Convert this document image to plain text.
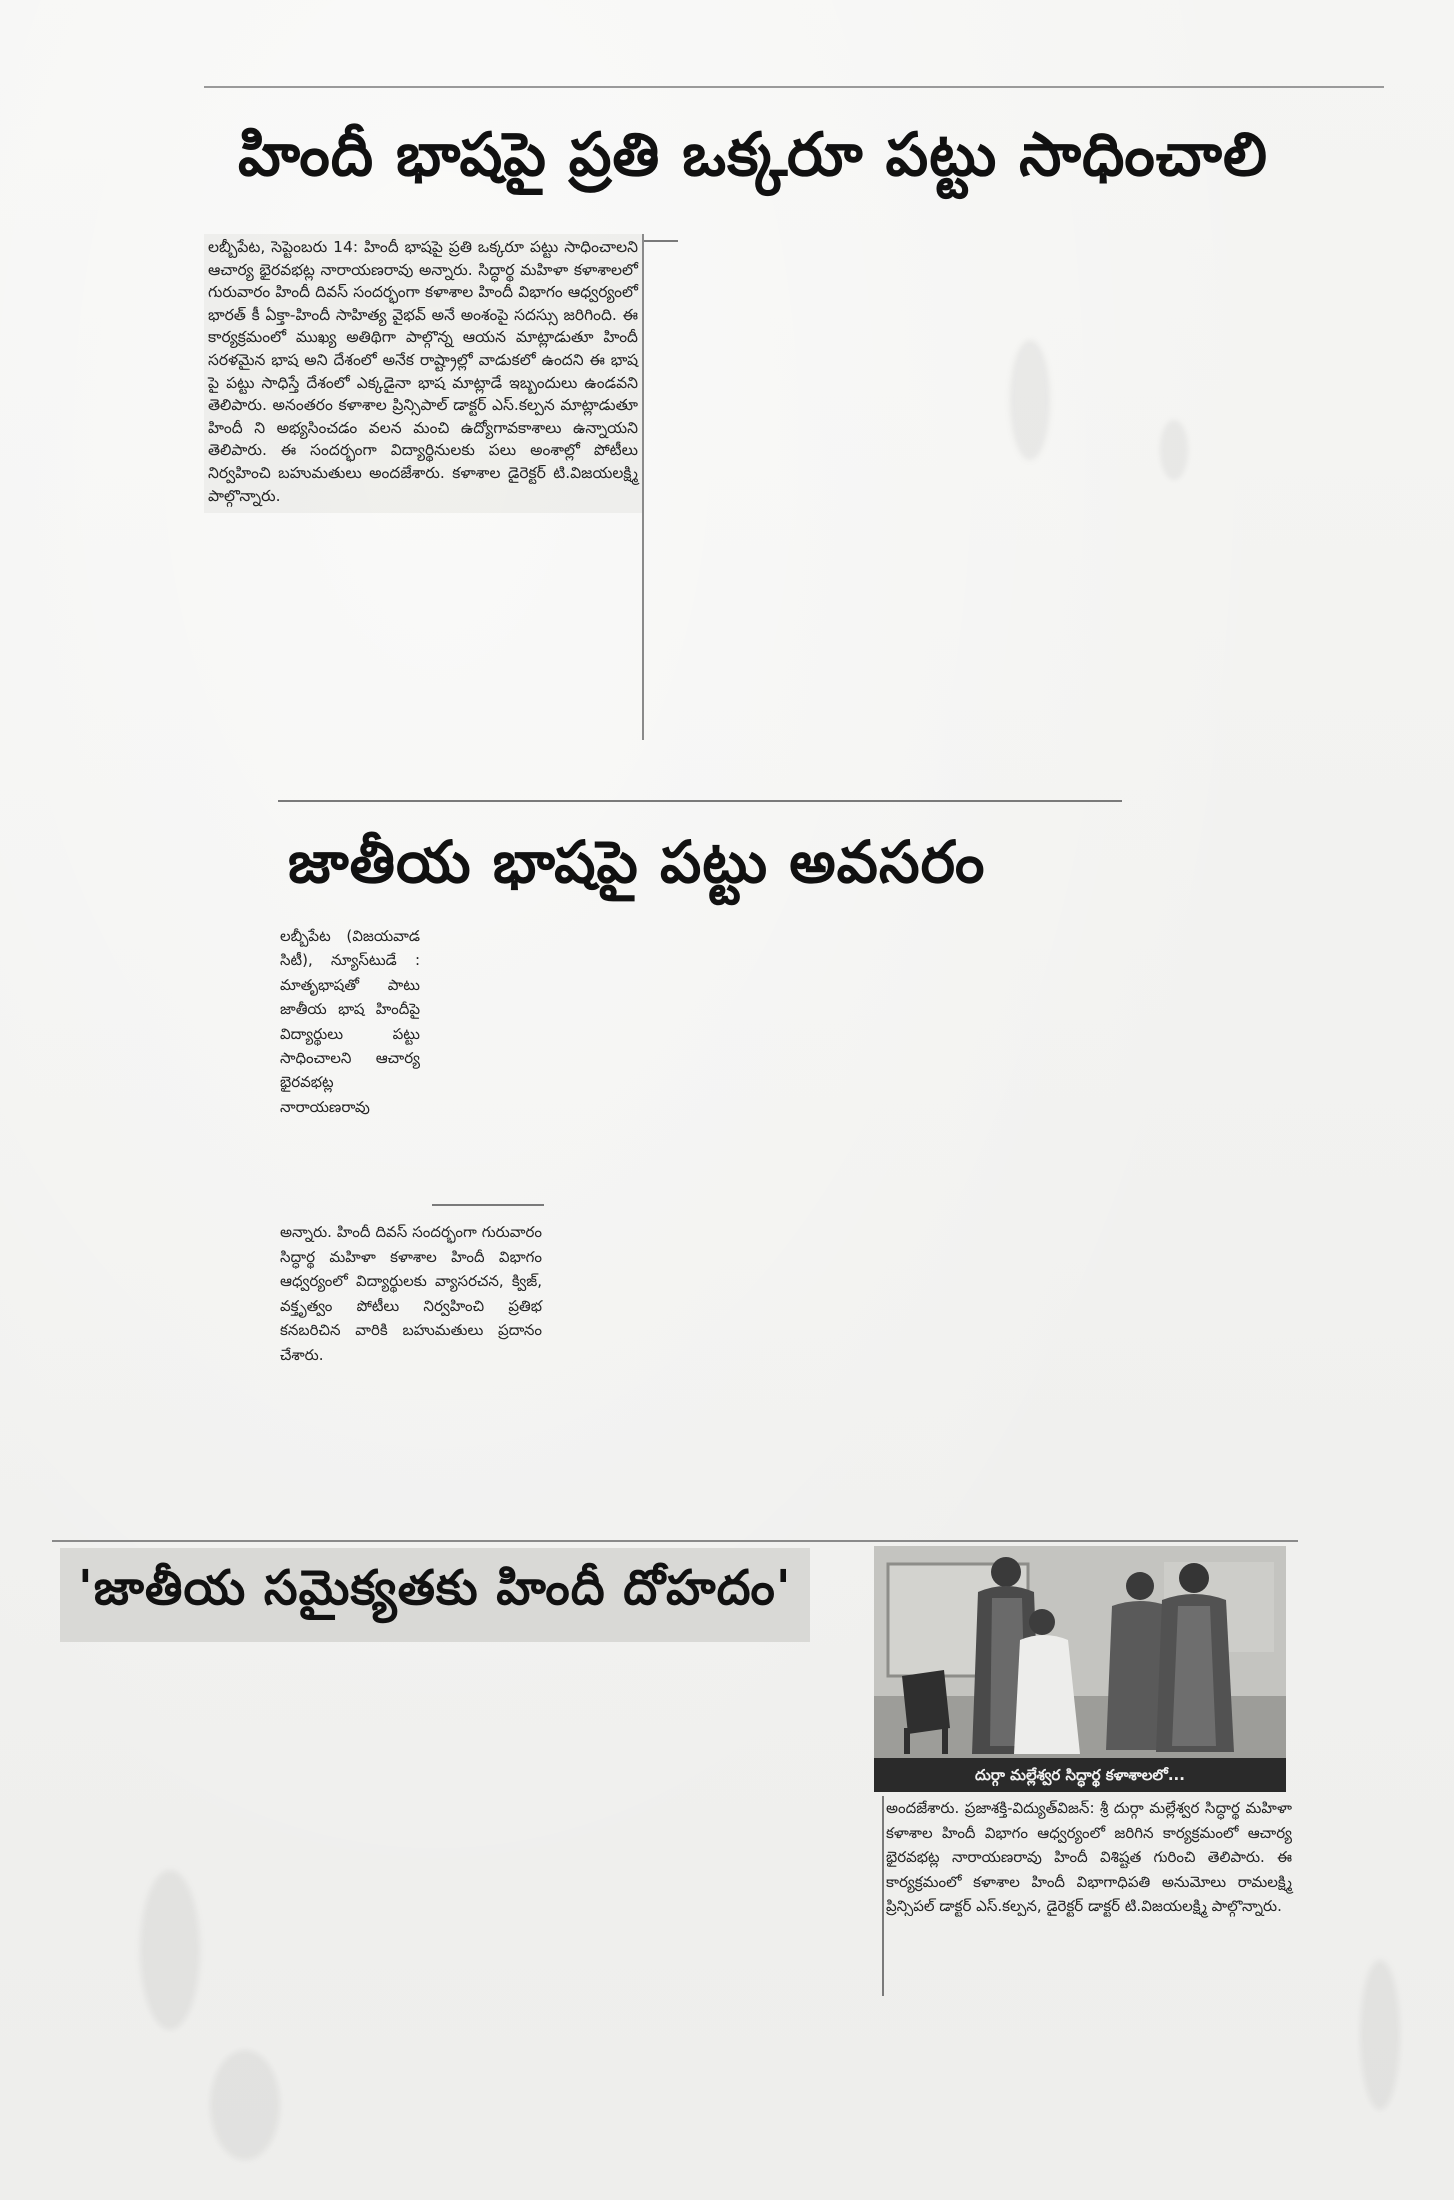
హిందీ భాషపై ప్రతి ఒక్కరూ పట్టు సాధించాలి

లబ్బీపేట, సెప్టెంబరు 14: హిందీ భాషపై ప్రతి ఒక్కరూ పట్టు సాధించాలని ఆచార్య భైరవభట్ల నారాయణరావు అన్నారు. సిద్ధార్థ మహిళా కళాశాలలో గురువారం హిందీ దివస్ సందర్భంగా కళాశాల హిందీ విభాగం ఆధ్వర్యంలో భారత్ కీ ఏక్తా-హిందీ సాహిత్య వైభవ్ అనే అంశంపై సదస్సు జరిగింది. ఈ కార్యక్రమంలో ముఖ్య అతిథిగా పాల్గొన్న ఆయన మాట్లాడుతూ హిందీ సరళమైన భాష అని దేశంలో అనేక రాష్ట్రాల్లో వాడుకలో ఉందని ఈ భాష పై పట్టు సాధిస్తే దేశంలో ఎక్కడైనా భాష మాట్లాడే ఇబ్బందులు ఉండవని తెలిపారు. అనంతరం కళాశాల ప్రిన్సిపాల్ డాక్టర్ ఎస్.కల్పన మాట్లాడుతూ హిందీ ని అభ్యసించడం వలన మంచి ఉద్యోగావకాశాలు ఉన్నాయని తెలిపారు. ఈ సందర్భంగా విద్యార్థినులకు పలు అంశాల్లో పోటీలు నిర్వహించి బహుమతులు అందజేశారు. కళాశాల డైరెక్టర్ టి.విజయలక్ష్మి పాల్గొన్నారు.

జాతీయ భాషపై పట్టు అవసరం

లబ్బీపేట (విజయవాడ సిటీ), న్యూస్‌టుడే : మాతృభాషతో పాటు జాతీయ భాష హిందీపై విద్యార్థులు పట్టు సాధించాలని ఆచార్య భైరవభట్ల నారాయణరావు

అన్నారు. హిందీ దివస్ సందర్భంగా గురువారం సిద్ధార్థ మహిళా కళాశాల హిందీ విభాగం ఆధ్వర్యంలో విద్యార్థులకు వ్యాసరచన, క్విజ్, వక్తృత్వం పోటీలు నిర్వహించి ప్రతిభ కనబరిచిన వారికి బహుమతులు ప్రదానం చేశారు.

'జాతీయ సమైక్యతకు హిందీ దోహదం'
దుర్గా మల్లేశ్వర సిద్ధార్థ కళాశాలలో...

అందజేశారు. ప్రజాశక్తి-విద్యుత్‌విజన్: శ్రీ దుర్గా మల్లేశ్వర సిద్ధార్థ మహిళా కళాశాల హిందీ విభాగం ఆధ్వర్యంలో జరిగిన కార్యక్రమంలో ఆచార్య భైరవభట్ల నారాయణరావు హిందీ విశిష్టత గురించి తెలిపారు. ఈ కార్యక్రమంలో కళాశాల హిందీ విభాగాధిపతి అనుమోలు రామలక్ష్మి ప్రిన్సిపల్ డాక్టర్ ఎస్.కల్పన, డైరెక్టర్ డాక్టర్ టి.విజయలక్ష్మి పాల్గొన్నారు.
